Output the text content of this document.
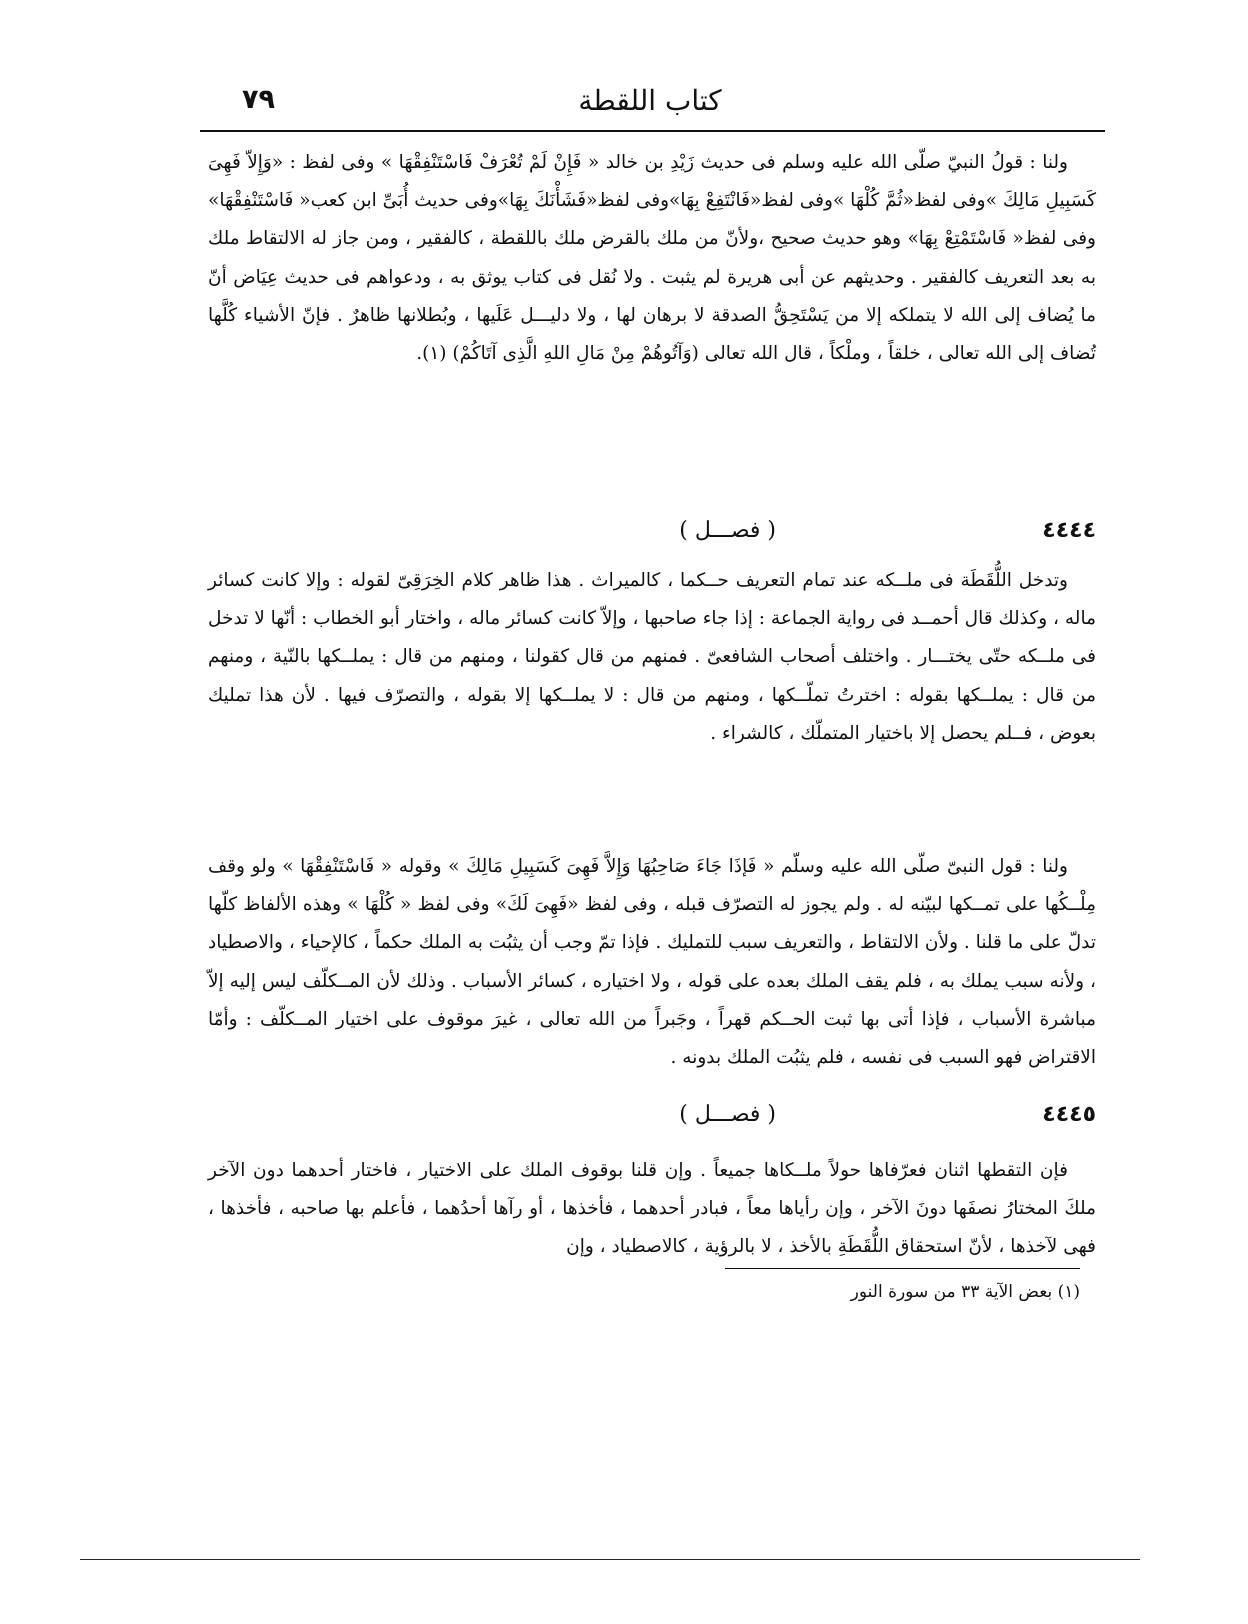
٧٩	كتاب اللقطة

ولنا : قولُ النبيّ صلّى الله عليه وسلم فى حديث زَيْدِ بن خالد « فَإِنْ لَمْ تُعْرَفْ فَاسْتَنْفِقْهَا » وفى لفظ : «وَإِلاّ فَهِىَ كَسَبِيلِ مَالِكَ »وفى لفظ«ثُمَّ كُلْهَا »وفى لفظ«فَانْتَفِعْ بِهَا»وفى لفظ«فَشَأْنَكَ بِهَا»وفى حديث أُبَىِّ ابن كعب« فَاسْتَنْفِقْهَا» وفى لفظ« فَاسْتَمْتِعْ بِهَا» وهو حديث صحيح ،ولأنّ من ملك بالقرض ملك باللقطة ، كالفقير ، ومن جاز له الالتقاط ملك به بعد التعريف كالفقير . وحديثهم عن أبى هريرة لم يثبت . ولا نُقل فى كتاب يوثق به ، ودعواهم فى حديث عِيَاض أنّ ما يُضاف إلى الله لا يتملكه إلا من يَسْتَحِقُّ الصدقة لا برهان لها ، ولا دليـــل عَلَيها ، وبُطلانها ظاهرٌ . فإنّ الأشياء كُلَّها تُضاف إلى الله تعالى ، خلقاً ، وملْكاً ، قال الله تعالى (وَآتُوهُمْ مِنْ مَالِ اللهِ الَّذِى آتَاكُمْ) (١).

٤٤٤٤
( فصـــل )

وتدخل اللُّقَطَة فى ملــكه عند تمام التعريف حــكما ، كالميراث . هذا ظاهر كلام الخِرَقِىّ لقوله : وإلا كانت كسائر ماله ، وكذلك قال أحمــد فى رواية الجماعة : إذا جاء صاحبها ، وإلاّ كانت كسائر ماله ، واختار أبو الخطاب : أنّها لا تدخل فى ملــكه حتّى يختـــار . واختلف أصحاب الشافعىّ . فمنهم من قال كقولنا ، ومنهم من قال : يملــكها بالنّية ، ومنهم من قال : يملــكها بقوله : اخترتُ تملّــكها ، ومنهم من قال : لا يملــكها إلا بقوله ، والتصرّف فيها . لأن هذا تمليك بعوض ، فــلم يحصل إلا باختيار المتملّك ، كالشراء .

ولنا : قول النبىّ صلّى الله عليه وسلّم « فَإذَا جَاءَ صَاحِبُهَا وَإِلاَّ فَهِىَ كَسَبِيلِ مَالِكَ » وقوله « فَاسْتَنْفِقْهَا » ولو وقف مِلْــكُها على تمــكها لبيّنه له . ولم يجوز له التصرّف قبله ، وفى لفظ «فَهِىَ لَكَ» وفى لفظ « كُلْهَا » وهذه الألفاظ كلّها تدلّ على ما قلنا . ولأن الالتقاط ، والتعريف سبب للتمليك . فإذا تمّ وجب أن يثبُت به الملك حكماً ، كالإحياء ، والاصطياد ، ولأنه سبب يملك به ، فلم يقف الملك بعده على قوله ، ولا اختياره ، كسائر الأسباب . وذلك لأن المــكلّف ليس إليه إلاّ مباشرة الأسباب ، فإذا أتى بها ثبت الحــكم قهراً ، وجَبراً من الله تعالى ، غيرَ موقوف على اختيار المــكلّف : وأمّا الاقتراض فهو السبب فى نفسه ، فلم يثبُت الملك بدونه .

٤٤٤٥
( فصـــل )

فإن التقطها اثنان فعرّفاها حولاً ملــكاها جميعاً . وإن قلنا بوقوف الملك على الاختيار ، فاختار أحدهما دون الآخر ملكَ المختارُ نصفَها دونَ الآخر ، وإن رأياها معاً ، فبادر أحدهما ، فأخذها ، أو رآها أحدُهما ، فأعلم بها صاحبه ، فأخذها ، فهى لآخذها ، لأنّ استحقاق اللُّقَطَةِ بالأخذ ، لا بالرؤية ، كالاصطياد ، وإن

(١) بعض الآية ٣٣ من سورة النور
